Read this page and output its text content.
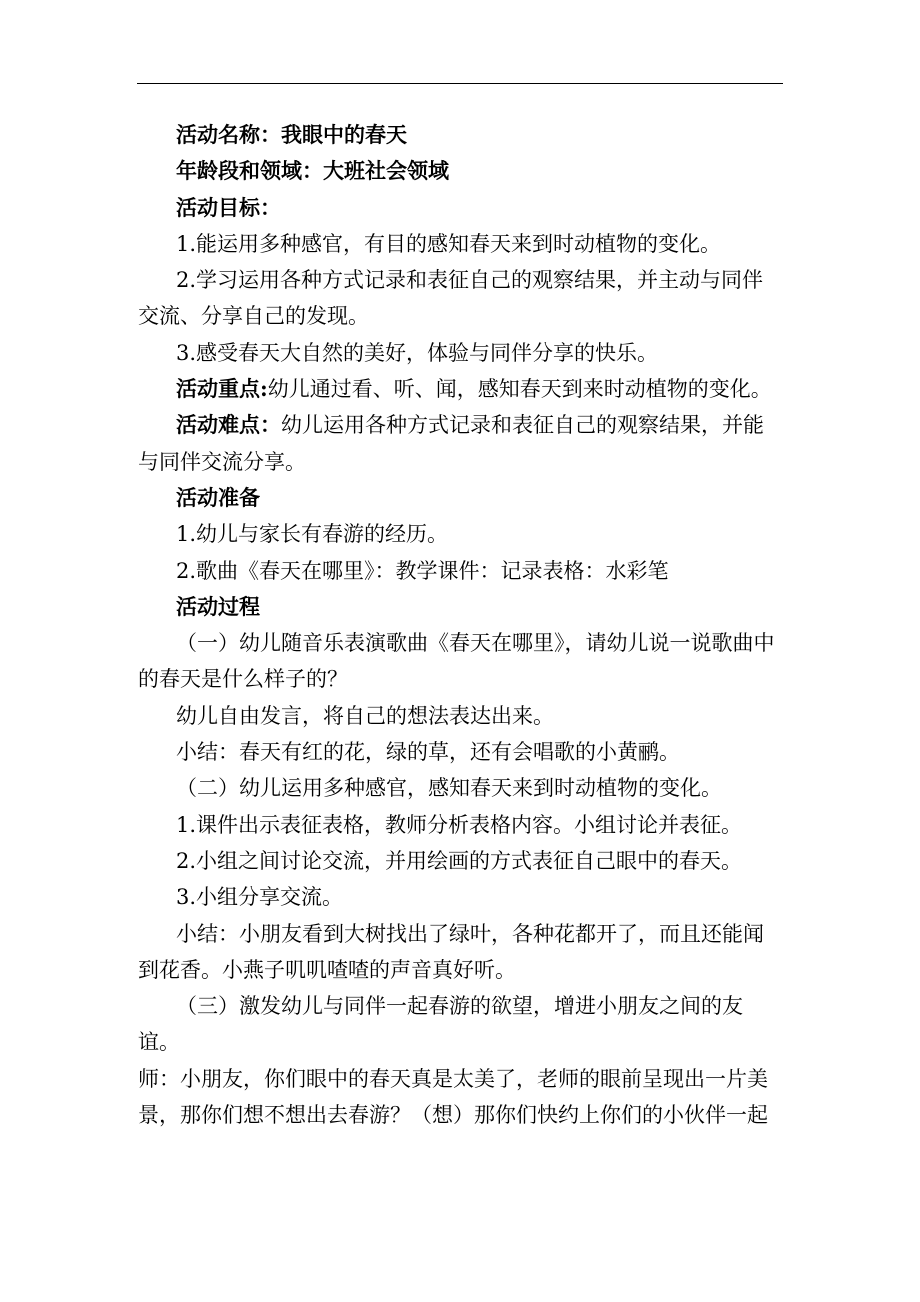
活动名称：我眼中的春天

年龄段和领域：大班社会领域

活动目标：

1.能运用多种感官，有目的感知春天来到时动植物的变化。

2.学习运用各种方式记录和表征自己的观察结果，并主动与同伴交流、分享自己的发现。

3.感受春天大自然的美好，体验与同伴分享的快乐。

活动重点:幼儿通过看、听、闻，感知春天到来时动植物的变化。

活动难点：幼儿运用各种方式记录和表征自己的观察结果，并能与同伴交流分享。

活动准备

1.幼儿与家长有春游的经历。

2.歌曲《春天在哪里》：教学课件：记录表格：水彩笔

活动过程

（一）幼儿随音乐表演歌曲《春天在哪里》，请幼儿说一说歌曲中的春天是什么样子的？

幼儿自由发言，将自己的想法表达出来。

小结：春天有红的花，绿的草，还有会唱歌的小黄鹂。

（二）幼儿运用多种感官，感知春天来到时动植物的变化。

1.课件出示表征表格，教师分析表格内容。小组讨论并表征。

2.小组之间讨论交流，并用绘画的方式表征自己眼中的春天。

3.小组分享交流。

小结：小朋友看到大树找出了绿叶，各种花都开了，而且还能闻到花香。小燕子叽叽喳喳的声音真好听。

（三）激发幼儿与同伴一起春游的欲望，增进小朋友之间的友谊。

师：小朋友，你们眼中的春天真是太美了，老师的眼前呈现出一片美景，那你们想不想出去春游？（想）那你们快约上你们的小伙伴一起
